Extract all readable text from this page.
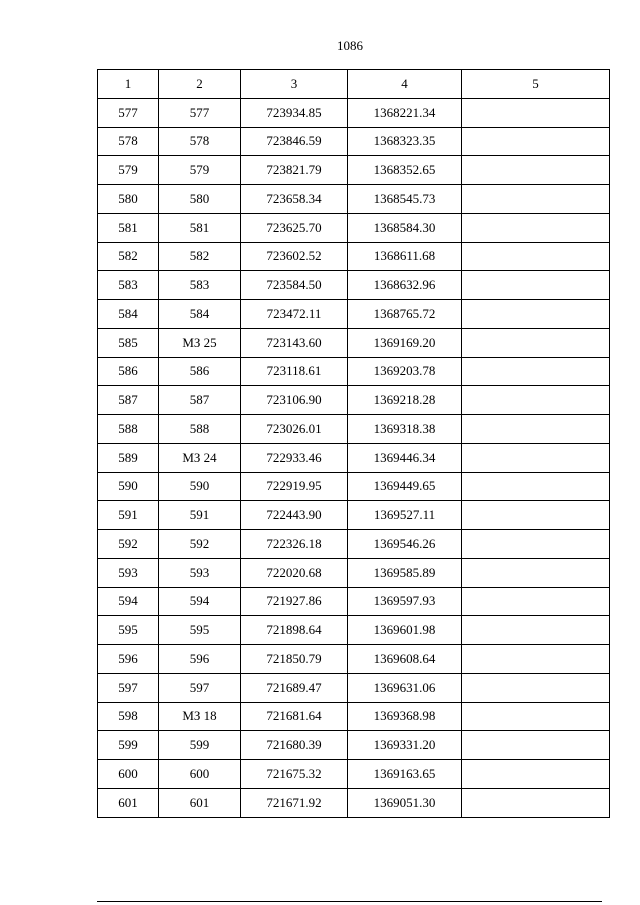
1086
1	2	3	4	5
577	577	723934.85	1368221.34	
578	578	723846.59	1368323.35	
579	579	723821.79	1368352.65	
580	580	723658.34	1368545.73	
581	581	723625.70	1368584.30	
582	582	723602.52	1368611.68	
583	583	723584.50	1368632.96	
584	584	723472.11	1368765.72	
585	МЗ 25	723143.60	1369169.20	
586	586	723118.61	1369203.78	
587	587	723106.90	1369218.28	
588	588	723026.01	1369318.38	
589	МЗ 24	722933.46	1369446.34	
590	590	722919.95	1369449.65	
591	591	722443.90	1369527.11	
592	592	722326.18	1369546.26	
593	593	722020.68	1369585.89	
594	594	721927.86	1369597.93	
595	595	721898.64	1369601.98	
596	596	721850.79	1369608.64	
597	597	721689.47	1369631.06	
598	МЗ 18	721681.64	1369368.98	
599	599	721680.39	1369331.20	
600	600	721675.32	1369163.65	
601	601	721671.92	1369051.30	
